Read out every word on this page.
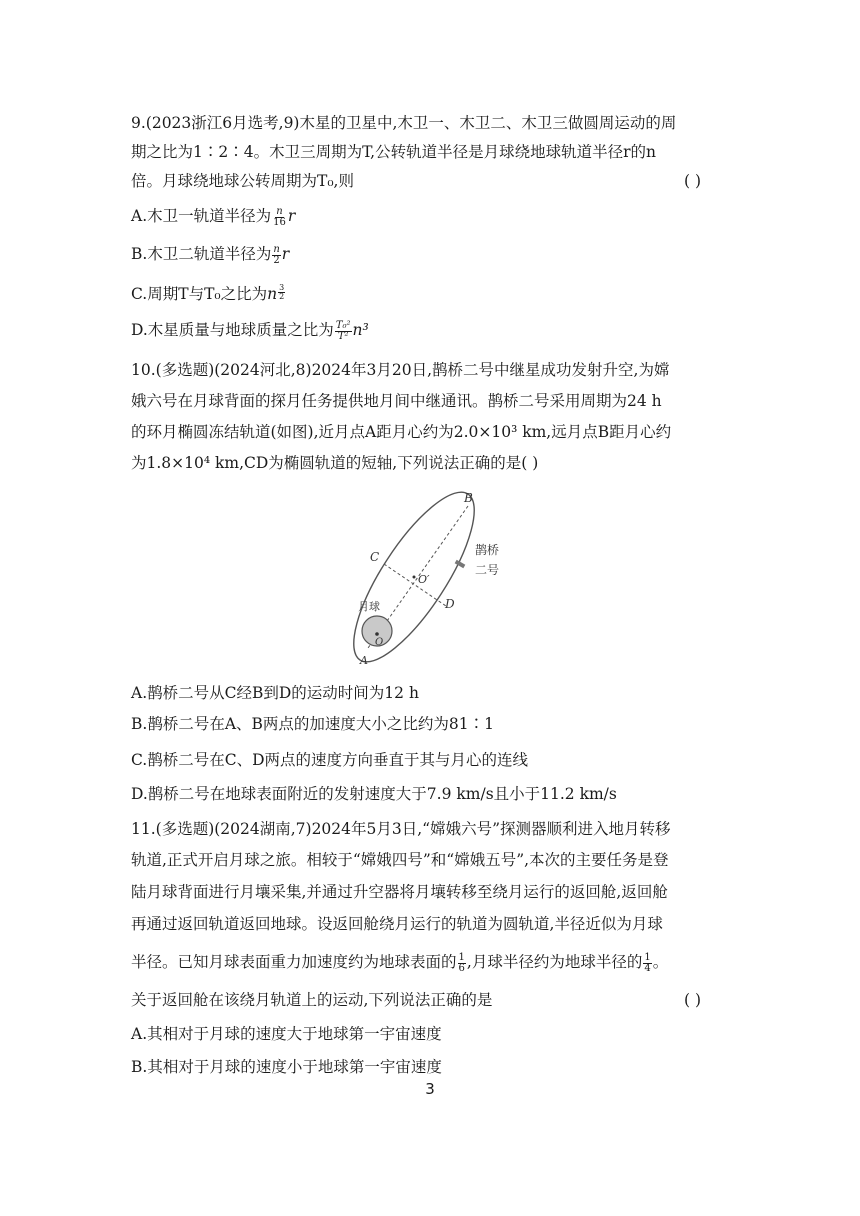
9.(2023浙江6月选考,9)木星的卫星中,木卫一、木卫二、木卫三做圆周运动的周
期之比为1∶2∶4。木卫三周期为T,公转轨道半径是月球绕地球轨道半径r的n
倍。月球绕地球公转周期为T₀,则	( )
A.木卫一轨道半径为 $\frac{n}{16}$ r
B.木卫二轨道半径为 $\frac{n}{2}$ r
C.周期T与T₀之比为n $\frac{3}{2}$
D.木星质量与地球质量之比为 $\frac{\text{T₀²}}{\text{T²}} n^3$
10.(多选题)(2024河北,8)2024年3月20日,鹊桥二号中继星成功发射升空,为嫦
娥六号在月球背面的探月任务提供地月间中继通讯。鹊桥二号采用周期为24 h
的环月椭圆冻结轨道(如图),近月点A距月心约为2.0×10³ km,远月点B距月心约
为1.8×10⁴ km,CD为椭圆轨道的短轴,下列说法正确的是( )
B
C
O′
D
月球
O
A
鹊桥
二号
A.鹊桥二号从C经B到D的运动时间为12 h
B.鹊桥二号在A、B两点的加速度大小之比约为81∶1
C.鹊桥二号在C、D两点的速度方向垂直于其与月心的连线
D.鹊桥二号在地球表面附近的发射速度大于7.9 km/s且小于11.2 km/s
11.(多选题)(2024湖南,7)2024年5月3日,“嫦娥六号”探测器顺利进入地月转移
轨道,正式开启月球之旅。相较于“嫦娥四号”和“嫦娥五号”,本次的主要任务是登
陆月球背面进行月壤采集,并通过升空器将月壤转移至绕月运行的返回舱,返回舱
再通过返回轨道返回地球。设返回舱绕月运行的轨道为圆轨道,半径近似为月球
半径。已知月球表面重力加速度约为地球表面的 $\frac{1}{6}$ ,月球半径约为地球半径的 $\frac{1}{4}$ 。
关于返回舱在该绕月轨道上的运动,下列说法正确的是	( )
A.其相对于月球的速度大于地球第一宇宙速度
B.其相对于月球的速度小于地球第一宇宙速度
3
